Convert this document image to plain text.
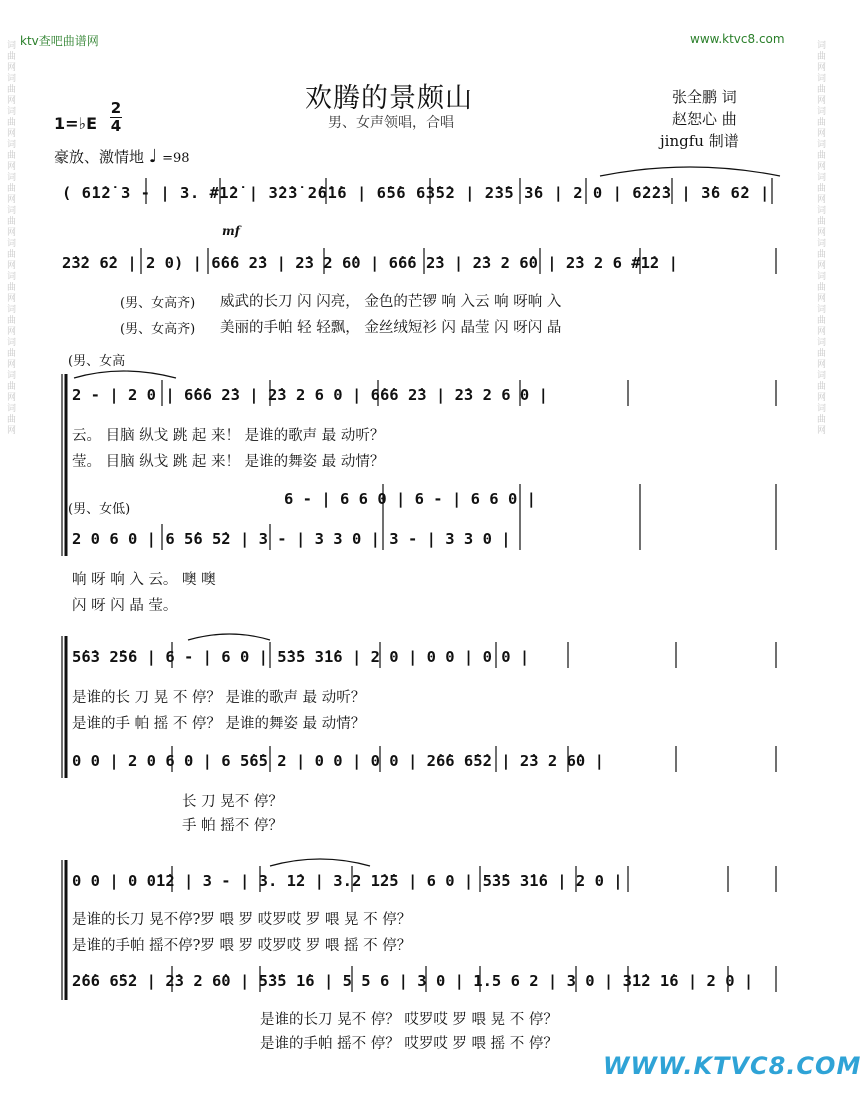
词曲网词曲网词曲网词曲网词曲网词曲网词曲网词曲网词曲网词曲网词曲网词曲网	词曲网词曲网词曲网词曲网词曲网词曲网词曲网词曲网词曲网词曲网词曲网词曲网
ktv查吧曲谱网	www.ktvc8.com
欢腾的景颇山
男、女声领唱，合唱
张全鹏 词
赵恕心 曲
jingfu 制谱
1=♭E
2
4
豪放、激情地 ♩ =98
( 6̇1̇2̇ 3 - | 3. #1̇2̇ | 3̇2̇3̇ 2̇6̇1̇6 | 6̇5̇6 6̇3̇5̇2 | 2̇3̇5 3̇6 | 2 0 | 6̇2̇2̇3 | 3̇6 6̇2 |
mf
2̇3̇2 6̇2 | 2 0) | 6̇6̇6 2̇3 | 2̇3 2 6̇0 | 6̇6̇6 2̇3 | 2̇3 2 6̇0 | 2̇3 2 6 #1̇2 |
(男、女高齐) 威武的长刀 闪 闪亮， 金色的芒锣 响 入云 响 呀响 入
(男、女高齐) 美丽的手帕 轻 轻飘， 金丝绒短衫 闪 晶莹 闪 呀闪 晶
(男、女高
2 - | 2 0 | 6̇6̇6 2̇3 | 2̇3 2 6 0 | 6̇6̇6 2̇3 | 2̇3 2 6 0 |
云。 目脑 纵戈 跳 起 来！ 是谁的歌声 最 动听？
莹。 目脑 纵戈 跳 起 来！ 是谁的舞姿 最 动情？
(男、女低)
6 - | 6 6 0 | 6 - | 6 6 0 |
2 0 6 0 | 6 5̇6 5̇2 | 3 - | 3 3 0 | 3 - | 3 3 0 |
响 呀 响 入 云。 噢 噢
闪 呀 闪 晶 莹。
5̇6̇3 2̇5̇6 | 6 - | 6 0 | 5̇3̇5 3̇1̇6 | 2 0 | 0 0 | 0 0 |
是谁的长 刀 晃 不 停？ 是谁的歌声 最 动听？
是谁的手 帕 摇 不 停？ 是谁的舞姿 最 动情？
0 0 | 2 0 6 0 | 6 5̇6̇5 2 | 0 0 | 0 0 | 2̇6̇6 6̇5̇2 | 2̇3 2 6̇0 |
长 刀 晃不 停？
手 帕 摇不 停？
0 0 | 0 0̇1̇2 | 3 - | 3. 1̇2 | 3.2 1̇2̇5 | 6 0 | 5̇3̇5 3̇1̇6 | 2 0 |
是谁的长刀 晃不停?罗 喂 罗 哎罗哎 罗 喂 晃 不 停？
是谁的手帕 摇不停?罗 喂 罗 哎罗哎 罗 喂 摇 不 停？
2̇6̇6 6̇5̇2 | 2̇3 2 6̇0 | 5̇3̇5 1̇6 | 5 5 6 | 3 0 | 1.5 6 2 | 3 0 | 3̇1̇2 1̇6 | 2 0 |
是谁的长刀 晃不 停？ 哎罗哎 罗 喂 晃 不 停？
是谁的手帕 摇不 停？ 哎罗哎 罗 喂 摇 不 停？
WWW.KTVC8.COM
